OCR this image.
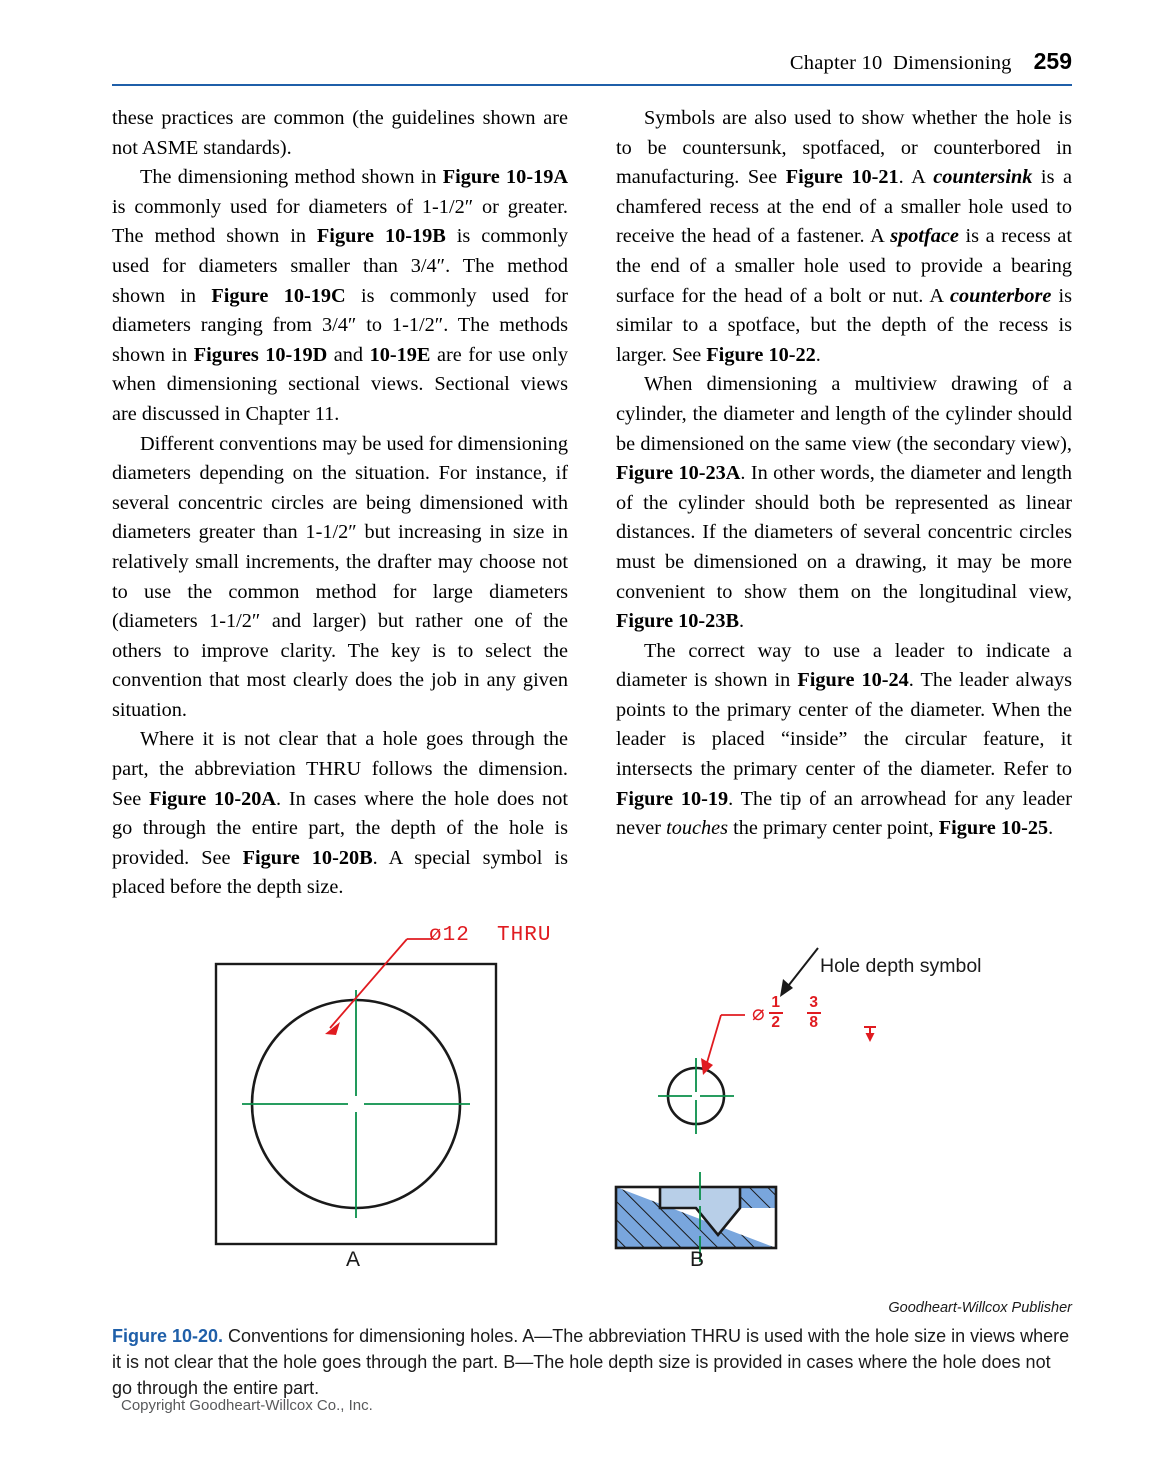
Chapter 10  Dimensioning 259

these practices are common (the guidelines shown are not ASME standards).

The dimensioning method shown in Figure 10-19A is commonly used for diameters of 1-1/2″ or greater. The method shown in Figure 10-19B is commonly used for diameters smaller than 3/4″. The method shown in Figure 10-19C is commonly used for diameters ranging from 3/4″ to 1-1/2″. The methods shown in Figures 10-19D and 10-19E are for use only when dimensioning sectional views. Sectional views are discussed in Chapter 11.

Different conventions may be used for dimensioning diameters depending on the situation. For instance, if several concentric circles are being dimensioned with diameters greater than 1-1/2″ but increasing in size in relatively small increments, the drafter may choose not to use the common method for large diameters (diameters 1-1/2″ and larger) but rather one of the others to improve clarity. The key is to select the convention that most clearly does the job in any given situation.

Where it is not clear that a hole goes through the part, the abbreviation THRU follows the dimension. See Figure 10-20A. In cases where the hole does not go through the entire part, the depth of the hole is provided. See Figure 10-20B. A special symbol is placed before the depth size.

Symbols are also used to show whether the hole is to be countersunk, spotfaced, or counterbored in manufacturing. See Figure 10-21. A countersink is a chamfered recess at the end of a smaller hole used to receive the head of a fastener. A spotface is a recess at the end of a smaller hole used to provide a bearing surface for the head of a bolt or nut. A counterbore is similar to a spotface, but the depth of the recess is larger. See Figure 10-22.

When dimensioning a multiview drawing of a cylinder, the diameter and length of the cylinder should be dimensioned on the same view (the secondary view), Figure 10-23A. In other words, the diameter and length of the cylinder should both be represented as linear distances. If the diameters of several concentric circles must be dimensioned on a drawing, it may be more convenient to show them on the longitudinal view, Figure 10-23B.

The correct way to use a leader to indicate a diameter is shown in Figure 10-24. The leader always points to the primary center of the diameter. When the leader is placed “inside” the circular feature, it intersects the primary center of the diameter. Refer to Figure 10-19. The tip of an arrowhead for any leader never touches the primary center point, Figure 10-25.

ø12  THRU
⌀ $\frac{1}{2}$

$\frac{3}{8}$
Hole depth symbol
A	B
Goodheart-Willcox Publisher
Figure 10-20. Conventions for dimensioning holes. A—The abbreviation THRU is used with the hole size in views where it is not clear that the hole goes through the part. B—The hole depth size is provided in cases where the hole does not go through the entire part.
Copyright Goodheart-Willcox Co., Inc.
